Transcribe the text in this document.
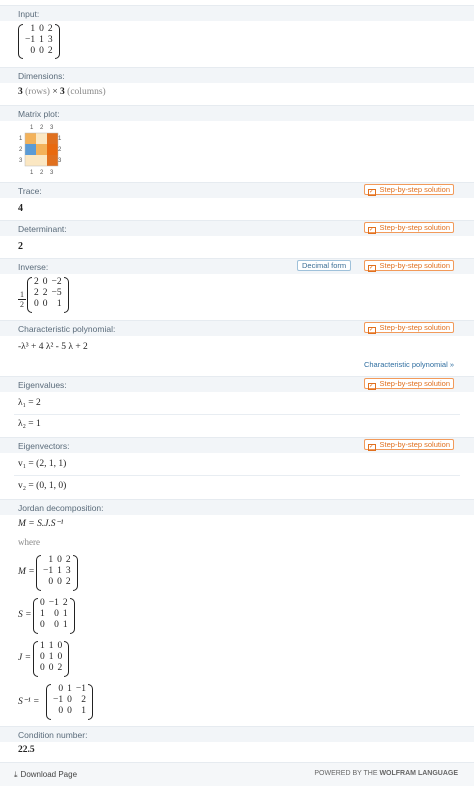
Input:
1	0	2
−1	1	3
0	0	2
Dimensions:
3 (rows) × 3 (columns)
Matrix plot:
1 2 3
1
2
3
1
2
3
1 2 3
Trace:	✓ Step-by-step solution
4
Determinant:	✓ Step-by-step solution
2
Inverse:	Decimal form	✓ Step-by-step solution
$\frac{1}{2}$
2	0	−2
2	2	−5
0	0	1
Characteristic polynomial:	✓ Step-by-step solution
-λ³ + 4 λ² - 5 λ + 2
Characteristic polynomial »
Eigenvalues:	✓ Step-by-step solution
λ₁ = 2
λ₂ = 1
Eigenvectors:	✓ Step-by-step solution
v₁ = (2, 1, 1)
v₂ = (0, 1, 0)
Jordan decomposition:
M = S.J.S⁻¹
where
M =
1	0	2
−1	1	3
0	0	2
S =
0	−1	2
1	0	1
0	0	1
J =
1	1	0
0	1	0
0	0	2
S⁻¹ =
0	1	−1
−1	0	2
0	0	1
Condition number:
22.5
⤓ Download Page	POWERED BY THE WOLFRAM LANGUAGE
